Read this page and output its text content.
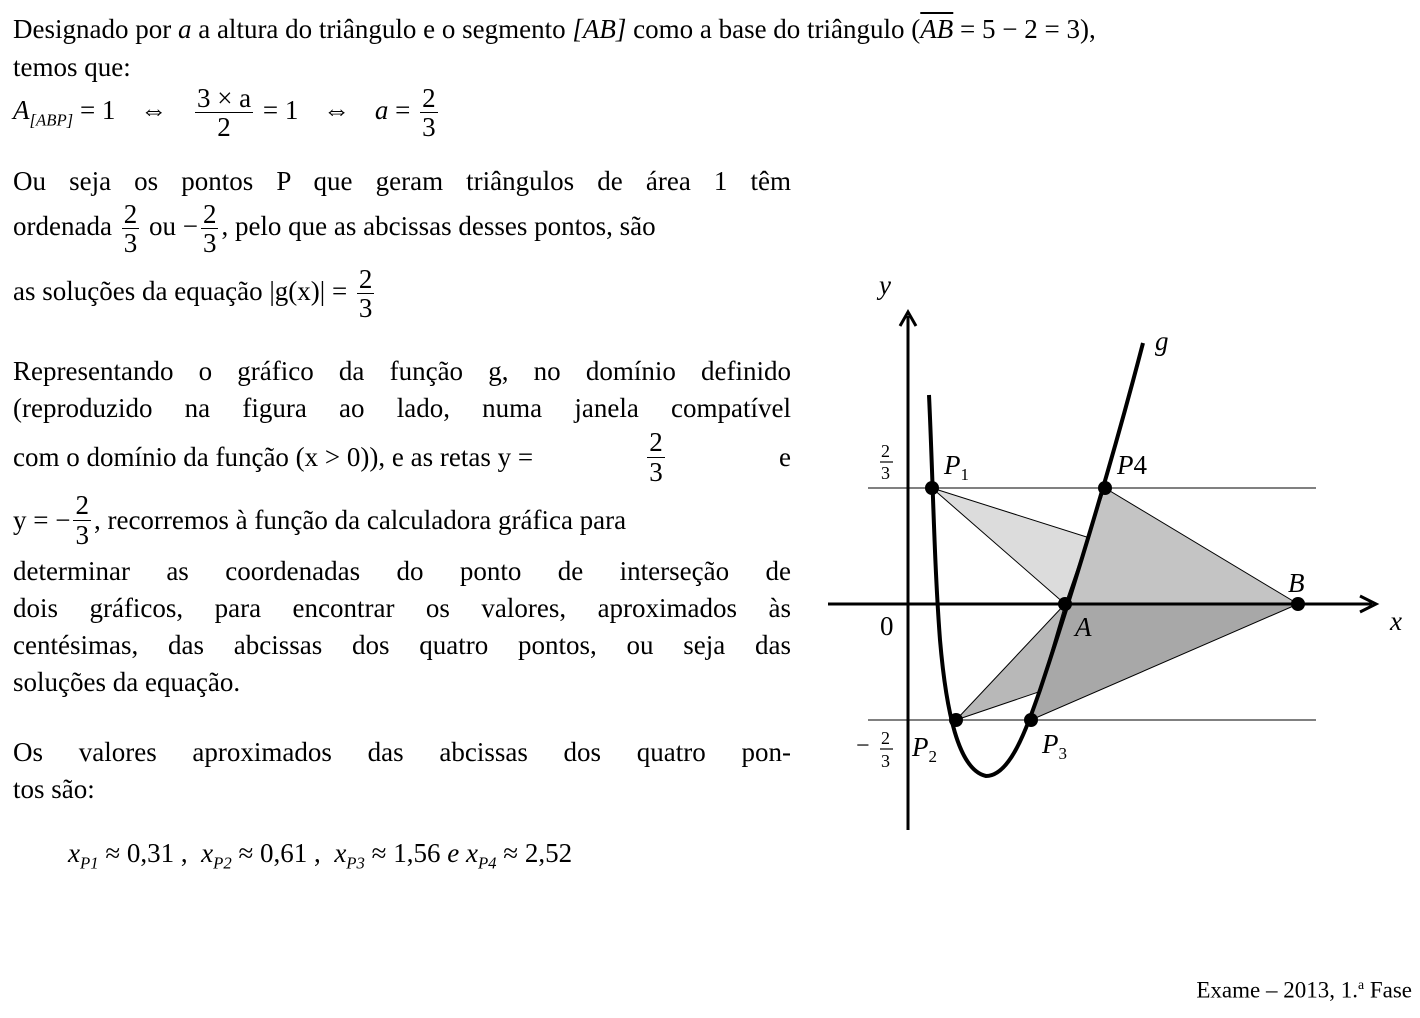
Designado por a a altura do triângulo e o segmento [AB] como a base do triângulo $(\overline{AB} = 5 - 2 = 3)$,
temos que:
$A_{[ABP]} = 1$ ⇔ $\frac{3 \times a}{2} = 1$ ⇔ $a = \frac{2}{3}$
Ou seja os pontos P que geram triângulos de área 1 têm
ordenada $\frac{2}{3}$ ou − $\frac{2}{3}$ , pelo que as abcissas desses pontos, são
as soluções da equação $|g(x)| = \frac{2}{3}$
Representando o gráfico da função g, no domínio definido
(reproduzido na figura ao lado, numa janela compatível
com o domínio da função (x > 0)), e as retas y =	$\frac{2}{3}$	e
y = − $\frac{2}{3}$ , recorremos à função da calculadora gráfica para
determinar as coordenadas do ponto de interseção de
dois gráficos, para encontrar os valores, aproximados às
centésimas, das abcissas dos quatro pontos, ou seja das
soluções da equação.
Os valores aproximados das abcissas dos quatro pon-
tos são:
$x_{P1} \approx 0,31$ , $x_{P2} \approx 0,61$ , $x_{P3} \approx 1,56$ e $x_{P4} \approx 2,52$
y
x
g
0
2
3
− 2
3
A
B
$P_1$	P4
$P_2$	$P_3$
Exame – 2013, 1.$^a$ Fase
